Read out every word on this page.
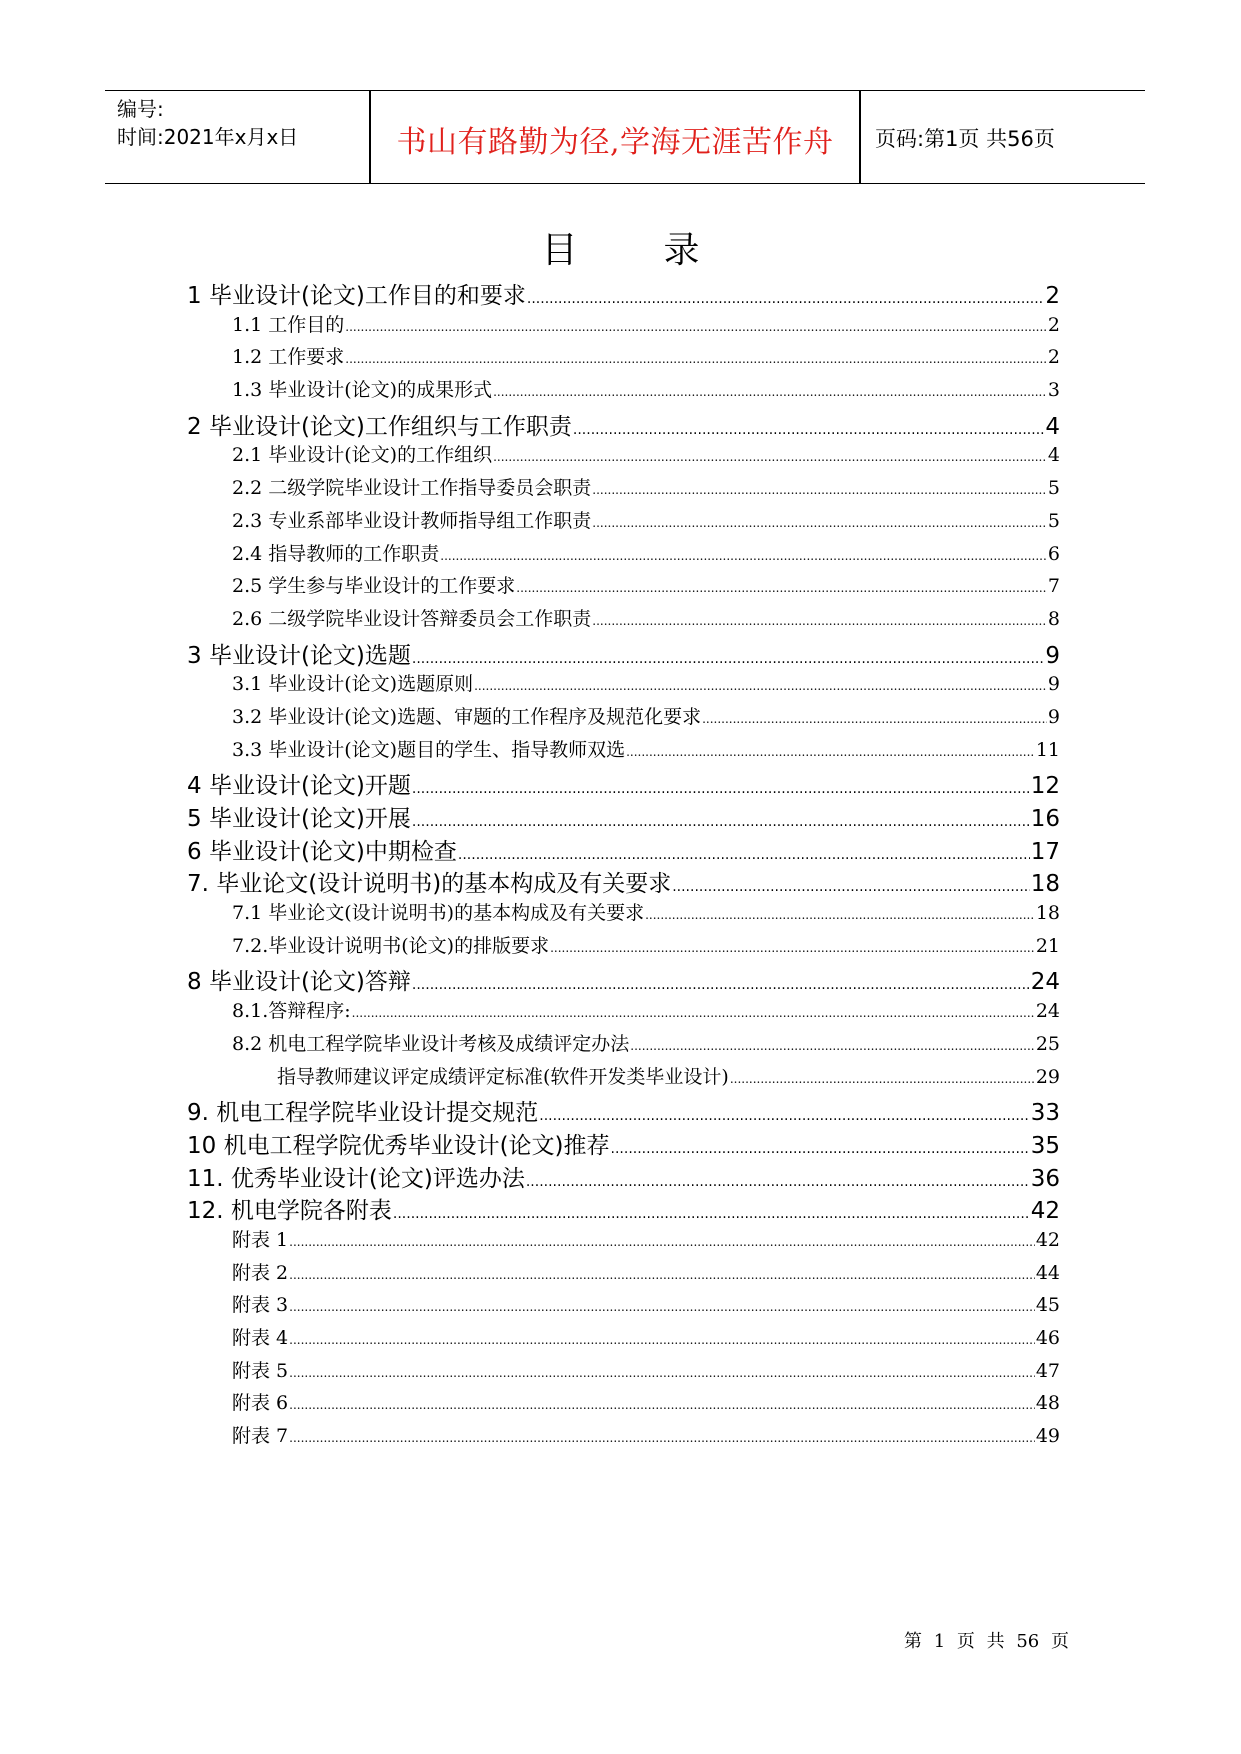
编号:
时间:2021年x月x日	书山有路勤为径,学海无涯苦作舟	页码:第1页 共56页
目录
1 毕业设计(论文)工作目的和要求 .....	2
1.1 工作目的 .....	2
1.2 工作要求 .....	2
1.3 毕业设计(论文)的成果形式 .....	3
2 毕业设计(论文)工作组织与工作职责 .....	4
2.1 毕业设计(论文)的工作组织 .....	4
2.2 二级学院毕业设计工作指导委员会职责 .....	5
2.3 专业系部毕业设计教师指导组工作职责 .....	5
2.4 指导教师的工作职责 .....	6
2.5 学生参与毕业设计的工作要求 .....	7
2.6 二级学院毕业设计答辩委员会工作职责 .....	8
3 毕业设计(论文)选题 .....	9
3.1 毕业设计(论文)选题原则 .....	9
3.2 毕业设计(论文)选题、审题的工作程序及规范化要求 .....	9
3.3 毕业设计(论文)题目的学生、指导教师双选 .....	11
4 毕业设计(论文)开题 .....	12
5 毕业设计(论文)开展 .....	16
6 毕业设计(论文)中期检查 .....	17
7. 毕业论文(设计说明书)的基本构成及有关要求 .....	18
7.1 毕业论文(设计说明书)的基本构成及有关要求 .....	18
7.2.毕业设计说明书(论文)的排版要求 .....	21
8 毕业设计(论文)答辩 .....	24
8.1.答辩程序: .....	24
8.2 机电工程学院毕业设计考核及成绩评定办法 .....	25
指导教师建议评定成绩评定标准(软件开发类毕业设计) .....	29
9. 机电工程学院毕业设计提交规范 .....	33
10 机电工程学院优秀毕业设计(论文)推荐 .....	35
11. 优秀毕业设计(论文)评选办法 .....	36
12. 机电学院各附表 .....	42
附表 1 .....	42
附表 2 .....	44
附表 3 .....	45
附表 4 .....	46
附表 5 .....	47
附表 6 .....	48
附表 7 .....	49
第 1 页 共 56 页
